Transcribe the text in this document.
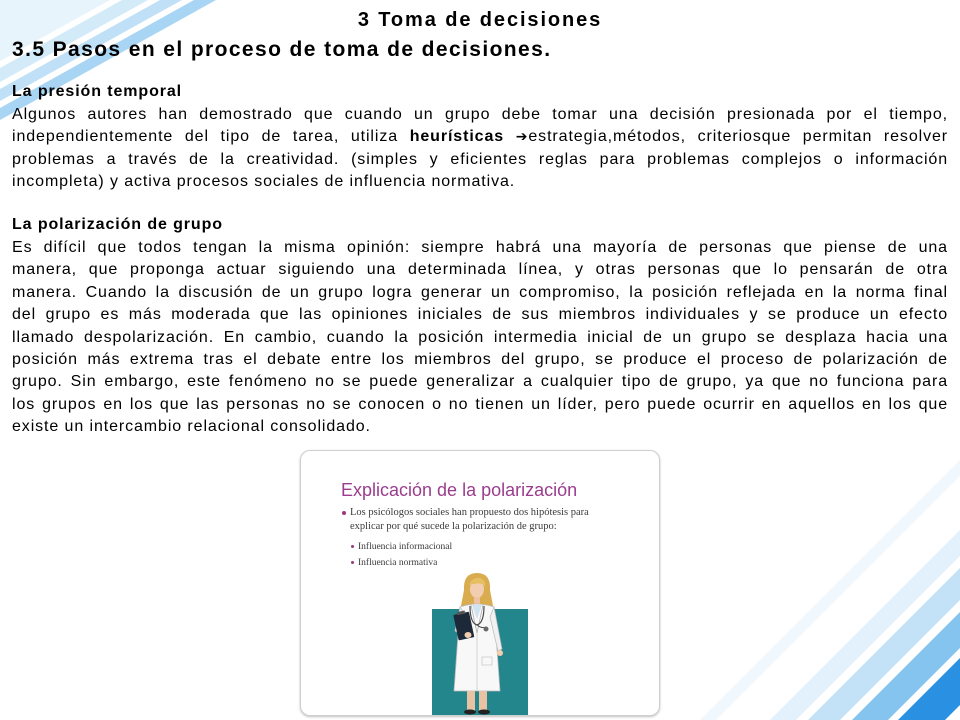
3 Toma de decisiones
3.5 Pasos en el proceso de toma de decisiones.
La presión temporal
Algunos autores han demostrado que cuando un grupo debe tomar una decisión presionada por el tiempo,
independientemente del tipo de tarea, utiliza heurísticas ➔estrategia,métodos, criteriosque permitan resolver
problemas a través de la creatividad. (simples y eficientes reglas para problemas complejos o información
incompleta) y activa procesos sociales de influencia normativa.
La polarización de grupo
Es difícil que todos tengan la misma opinión: siempre habrá una mayoría de personas que piense de una
manera, que proponga actuar siguiendo una determinada línea, y otras personas que lo pensarán de otra
manera. Cuando la discusión de un grupo logra generar un compromiso, la posición reflejada en la norma final
del grupo es más moderada que las opiniones iniciales de sus miembros individuales y se produce un efecto
llamado despolarización. En cambio, cuando la posición intermedia inicial de un grupo se desplaza hacia una
posición más extrema tras el debate entre los miembros del grupo, se produce el proceso de polarización de
grupo. Sin embargo, este fenómeno no se puede generalizar a cualquier tipo de grupo, ya que no funciona para
los grupos en los que las personas no se conocen o no tienen un líder, pero puede ocurrir en aquellos en los que
existe un intercambio relacional consolidado.
Explicación de la polarización
Los psicólogos sociales han propuesto dos hipótesis para
explicar por qué sucede la polarización de grupo:
Influencia informacional
Influencia normativa
